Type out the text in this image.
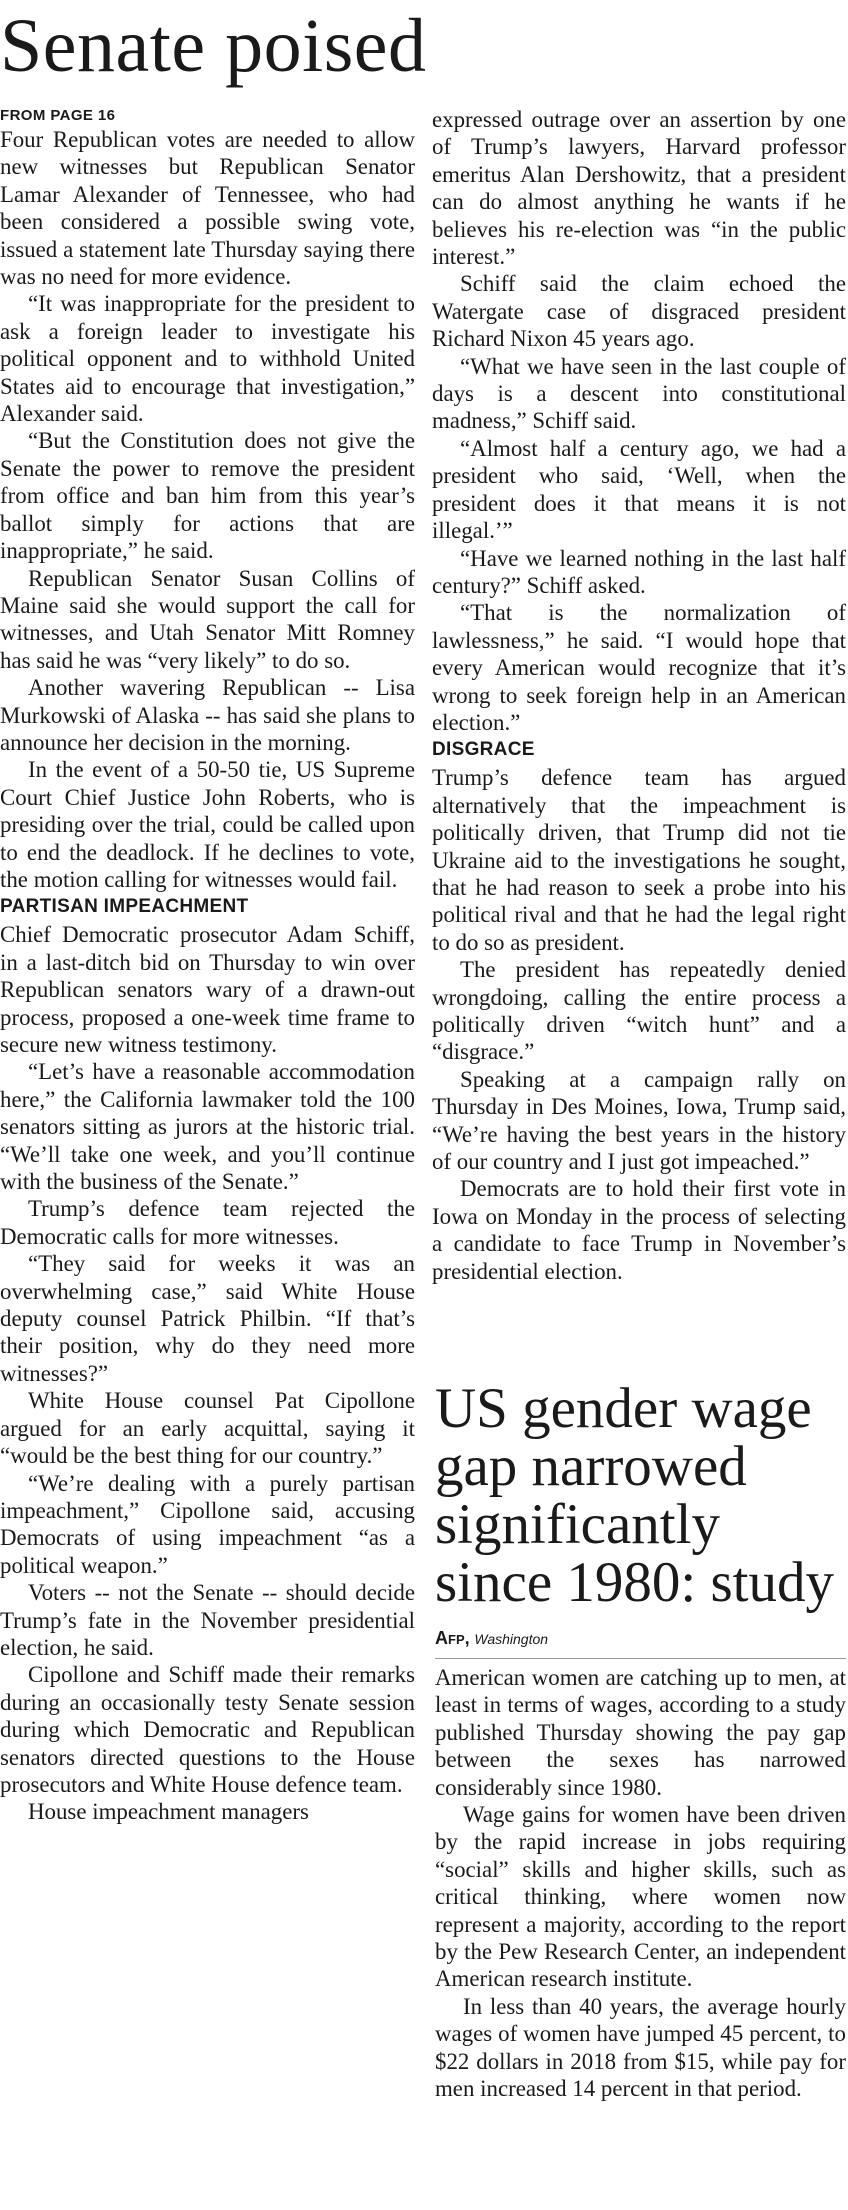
Senate poised
FROM PAGE 16

Four Republican votes are needed to allow new witnesses but Republican Senator Lamar Alexander of Tennessee, who had been considered a possible swing vote, issued a statement late Thursday saying there was no need for more evidence.

“It was inappropriate for the president to ask a foreign leader to investigate his political opponent and to withhold United States aid to encourage that investigation,” Alexander said.

“But the Constitution does not give the Senate the power to remove the president from office and ban him from this year’s ballot simply for actions that are inappropriate,” he said.

Republican Senator Susan Collins of Maine said she would support the call for witnesses, and Utah Senator Mitt Romney has said he was “very likely” to do so.

Another wavering Republican -- Lisa Murkowski of Alaska -- has said she plans to announce her decision in the morning.

In the event of a 50-50 tie, US Supreme Court Chief Justice John Roberts, who is presiding over the trial, could be called upon to end the deadlock. If he declines to vote, the motion calling for witnesses would fail.

PARTISAN IMPEACHMENT

Chief Democratic prosecutor Adam Schiff, in a last-ditch bid on Thursday to win over Republican senators wary of a drawn-out process, proposed a one-week time frame to secure new witness testimony.

“Let’s have a reasonable accommodation here,” the California lawmaker told the 100 senators sitting as jurors at the historic trial. “We’ll take one week, and you’ll continue with the business of the Senate.”

Trump’s defence team rejected the Democratic calls for more witnesses.

“They said for weeks it was an overwhelming case,” said White House deputy counsel Patrick Philbin. “If that’s their position, why do they need more witnesses?”

White House counsel Pat Cipollone argued for an early acquittal, saying it “would be the best thing for our country.”

“We’re dealing with a purely partisan impeachment,” Cipollone said, accusing Democrats of using impeachment “as a political weapon.”

Voters -- not the Senate -- should decide Trump’s fate in the November presidential election, he said.

Cipollone and Schiff made their remarks during an occasionally testy Senate session during which Democratic and Republican senators directed questions to the House prosecutors and White House defence team.

House impeachment managers

expressed outrage over an assertion by one of Trump’s lawyers, Harvard professor emeritus Alan Dershowitz, that a president can do almost anything he wants if he believes his re-election was “in the public interest.”

Schiff said the claim echoed the Watergate case of disgraced president Richard Nixon 45 years ago.

“What we have seen in the last couple of days is a descent into constitutional madness,” Schiff said.

“Almost half a century ago, we had a president who said, ‘Well, when the president does it that means it is not illegal.’”

“Have we learned nothing in the last half century?” Schiff asked.

“That is the normalization of lawlessness,” he said. “I would hope that every American would recognize that it’s wrong to seek foreign help in an American election.”

DISGRACE

Trump’s defence team has argued alternatively that the impeachment is politically driven, that Trump did not tie Ukraine aid to the investigations he sought, that he had reason to seek a probe into his political rival and that he had the legal right to do so as president.

The president has repeatedly denied wrongdoing, calling the entire process a politically driven “witch hunt” and a “disgrace.”

Speaking at a campaign rally on Thursday in Des Moines, Iowa, Trump said, “We’re having the best years in the history of our country and I just got impeached.”

Democrats are to hold their first vote in Iowa on Monday in the process of selecting a candidate to face Trump in November’s presidential election.

US gender wage gap narrowed significantly since 1980: study
Afp, Washington

American women are catching up to men, at least in terms of wages, according to a study published Thursday showing the pay gap between the sexes has narrowed considerably since 1980.

Wage gains for women have been driven by the rapid increase in jobs requiring “social” skills and higher skills, such as critical thinking, where women now represent a majority, according to the report by the Pew Research Center, an independent American research institute.

In less than 40 years, the average hourly wages of women have jumped 45 percent, to $22 dollars in 2018 from $15, while pay for men increased 14 percent in that period.
